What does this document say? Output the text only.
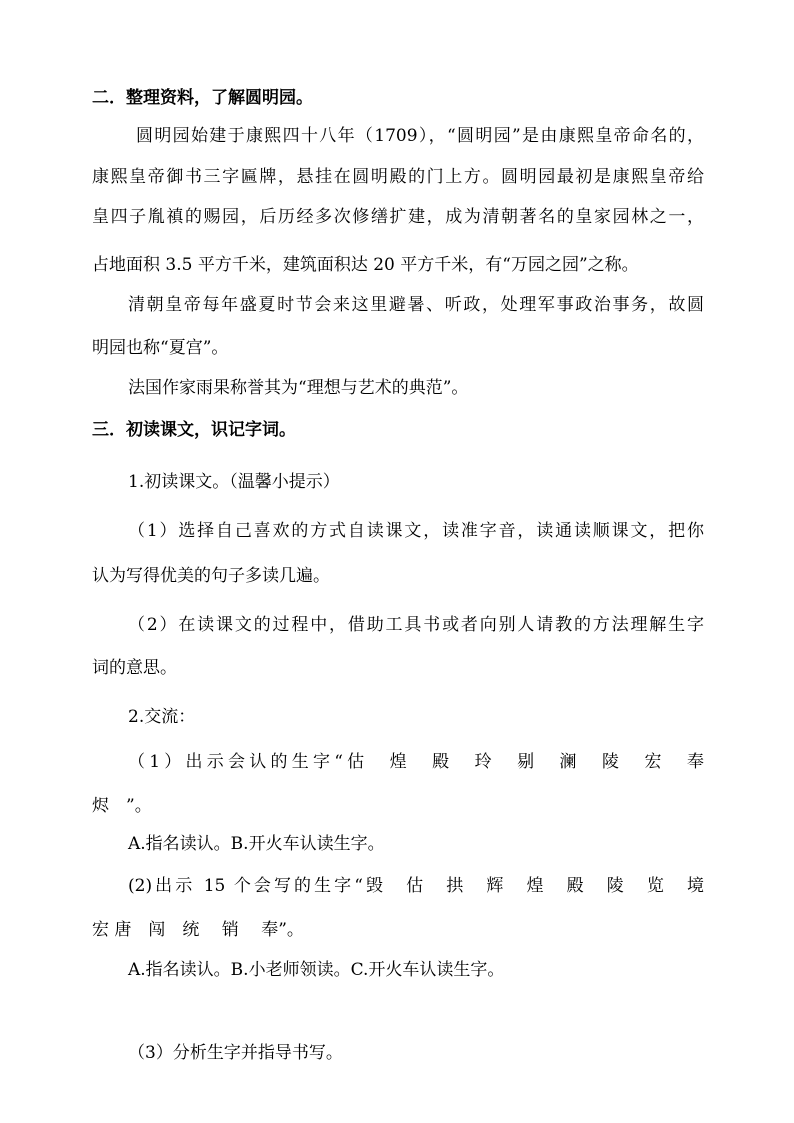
二．整理资料，了解圆明园。

圆明园始建于康熙四十八年（1709），“圆明园”是由康熙皇帝命名的，

康熙皇帝御书三字匾牌，悬挂在圆明殿的门上方。圆明园最初是康熙皇帝给

皇四子胤禛的赐园，后历经多次修缮扩建，成为清朝著名的皇家园林之一，

占地面积 3.5 平方千米，建筑面积达 20 平方千米，有“万园之园”之称。

清朝皇帝每年盛夏时节会来这里避暑、听政，处理军事政治事务，故圆

明园也称“夏宫”。

法国作家雨果称誉其为“理想与艺术的典范”。

三．初读课文，识记字词。

1.初读课文。（温馨小提示）

（1）选择自己喜欢的方式自读课文，读准字音，读通读顺课文，把你

认为写得优美的句子多读几遍。

（2）在读课文的过程中，借助工具书或者向别人请教的方法理解生字

词的意思。

2.交流：

（1）出示会认的生字“估　煌　殿　玲　剔　澜　陵　宏　奉

烬　”。

A.指名读认。B.开火车认读生字。

(2)出示 15 个会写的生字“毁　估　拱　辉　煌　殿　陵　览　境

宏 唐　闯　统　 销　 奉”。

A.指名读认。B.小老师领读。C.开火车认读生字。

（3）分析生字并指导书写。
